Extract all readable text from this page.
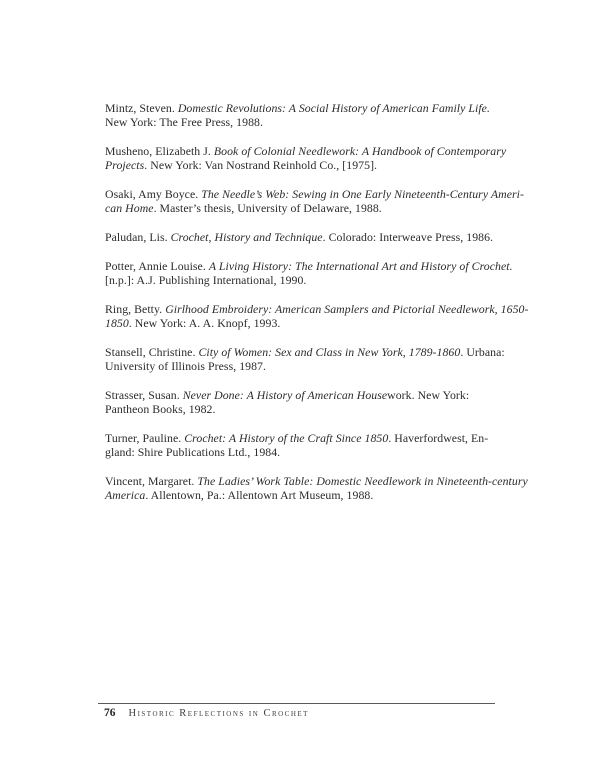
Mintz, Steven. Domestic Revolutions: A Social History of American Family Life.
New York: The Free Press, 1988.

Musheno, Elizabeth J. Book of Colonial Needlework: A Handbook of Contemporary
Projects. New York: Van Nostrand Reinhold Co., [1975].

Osaki, Amy Boyce. The Needle’s Web: Sewing in One Early Nineteenth-Century Ameri-
can Home. Master’s thesis, University of Delaware, 1988.

Paludan, Lis. Crochet, History and Technique. Colorado: Interweave Press, 1986.

Potter, Annie Louise. A Living History: The International Art and History of Crochet.
[n.p.]: A.J. Publishing International, 1990.

Ring, Betty. Girlhood Embroidery: American Samplers and Pictorial Needlework, 1650-
1850. New York: A. A. Knopf, 1993.

Stansell, Christine. City of Women: Sex and Class in New York, 1789-1860. Urbana:
University of Illinois Press, 1987.

Strasser, Susan. Never Done: A History of American Housework. New York:
Pantheon Books, 1982.

Turner, Pauline. Crochet: A History of the Craft Since 1850. Haverfordwest, En-
gland: Shire Publications Ltd., 1984.

Vincent, Margaret. The Ladies’ Work Table: Domestic Needlework in Nineteenth-century
America. Allentown, Pa.: Allentown Art Museum, 1988.

76 Historic Reflections in Crochet
